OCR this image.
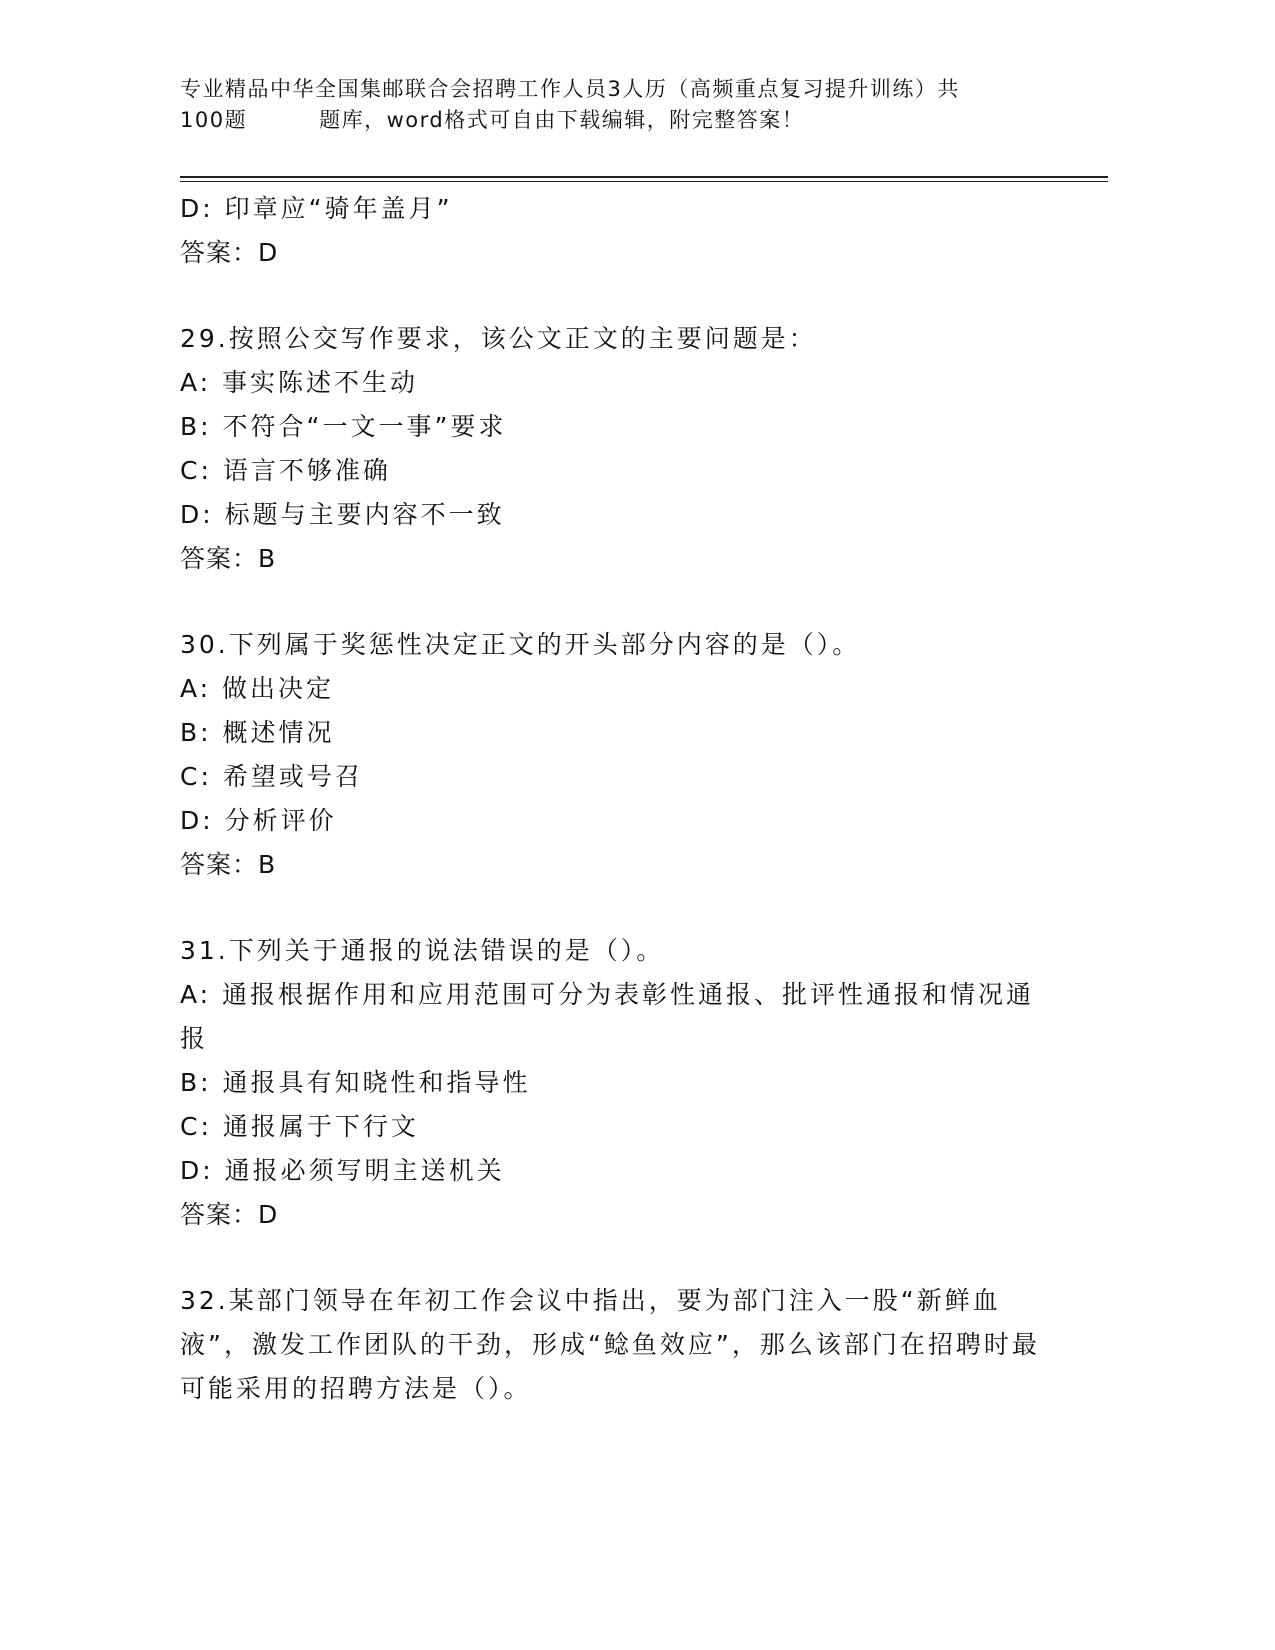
专业精品中华全国集邮联合会招聘工作人员3人历（高频重点复习提升训练）共
100题	题库，word格式可自由下载编辑，附完整答案！
D: 印章应“骑年盖月”
答案：D
29.按照公交写作要求，该公文正文的主要问题是：
A: 事实陈述不生动
B: 不符合“一文一事”要求
C: 语言不够准确
D: 标题与主要内容不一致
答案：B
30.下列属于奖惩性决定正文的开头部分内容的是（）。
A: 做出决定
B: 概述情况
C: 希望或号召
D: 分析评价
答案：B
31.下列关于通报的说法错误的是（）。
A: 通报根据作用和应用范围可分为表彰性通报、批评性通报和情况通报
B: 通报具有知晓性和指导性
C: 通报属于下行文
D: 通报必须写明主送机关
答案：D
32.某部门领导在年初工作会议中指出，要为部门注入一股“新鲜血液”，激发工作团队的干劲，形成“鲶鱼效应”，那么该部门在招聘时最可能采用的招聘方法是（）。
